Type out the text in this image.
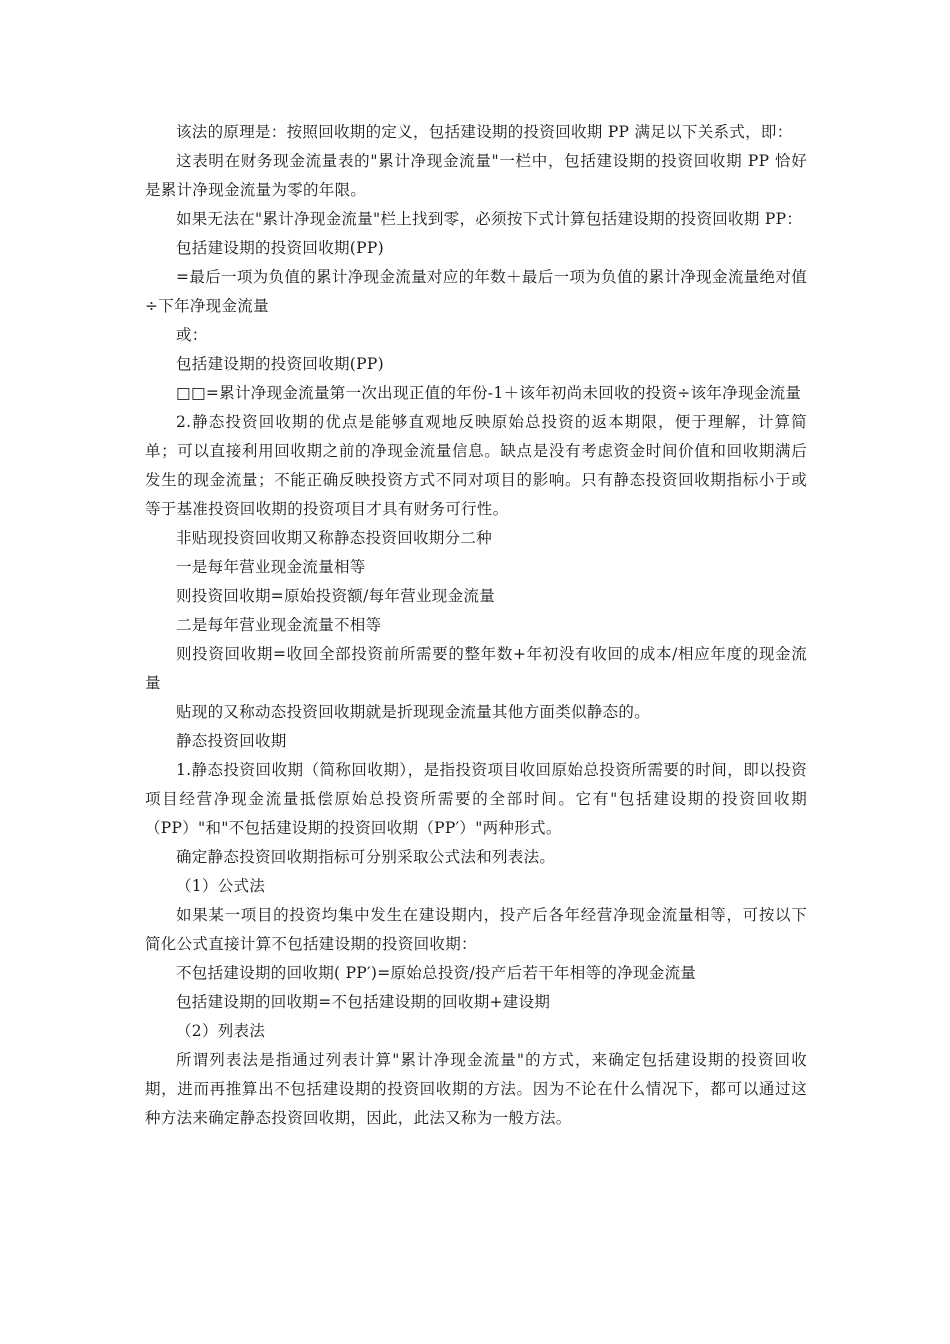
该法的原理是：按照回收期的定义，包括建设期的投资回收期 PP 满足以下关系式，即：

这表明在财务现金流量表的"累计净现金流量"一栏中，包括建设期的投资回收期 PP 恰好是累计净现金流量为零的年限。

如果无法在"累计净现金流量"栏上找到零，必须按下式计算包括建设期的投资回收期 PP：

包括建设期的投资回收期(PP)

=最后一项为负值的累计净现金流量对应的年数＋最后一项为负值的累计净现金流量绝对值÷下年净现金流量

或：

包括建设期的投资回收期(PP)

□□=累计净现金流量第一次出现正值的年份-1＋该年初尚未回收的投资÷该年净现金流量

2.静态投资回收期的优点是能够直观地反映原始总投资的返本期限，便于理解，计算简单；可以直接利用回收期之前的净现金流量信息。缺点是没有考虑资金时间价值和回收期满后发生的现金流量；不能正确反映投资方式不同对项目的影响。只有静态投资回收期指标小于或等于基准投资回收期的投资项目才具有财务可行性。

非贴现投资回收期又称静态投资回收期分二种

一是每年营业现金流量相等

则投资回收期=原始投资额/每年营业现金流量

二是每年营业现金流量不相等

则投资回收期=收回全部投资前所需要的整年数+年初没有收回的成本/相应年度的现金流量

贴现的又称动态投资回收期就是折现现金流量其他方面类似静态的。

静态投资回收期

1.静态投资回收期（简称回收期），是指投资项目收回原始总投资所需要的时间，即以投资项目经营净现金流量抵偿原始总投资所需要的全部时间。它有"包括建设期的投资回收期（PP）"和"不包括建设期的投资回收期（PP′）"两种形式。

确定静态投资回收期指标可分别采取公式法和列表法。

（1）公式法

如果某一项目的投资均集中发生在建设期内，投产后各年经营净现金流量相等，可按以下简化公式直接计算不包括建设期的投资回收期：

不包括建设期的回收期( PP′)=原始总投资/投产后若干年相等的净现金流量

包括建设期的回收期=不包括建设期的回收期+建设期

（2）列表法

所谓列表法是指通过列表计算"累计净现金流量"的方式，来确定包括建设期的投资回收期，进而再推算出不包括建设期的投资回收期的方法。因为不论在什么情况下，都可以通过这种方法来确定静态投资回收期，因此，此法又称为一般方法。
